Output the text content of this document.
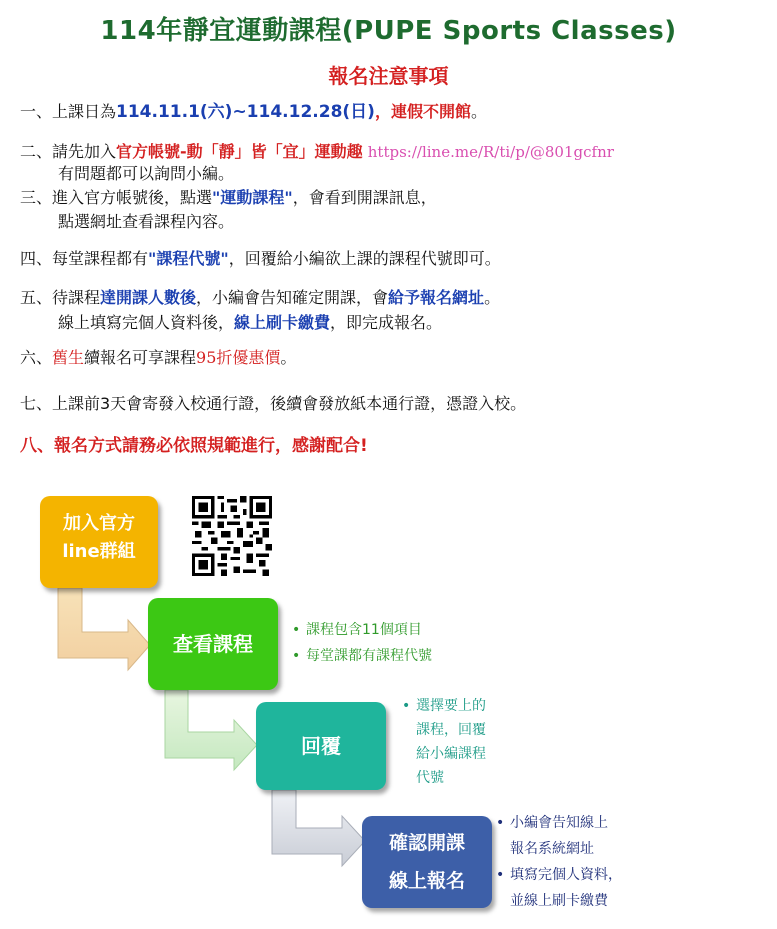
114年靜宜運動課程(PUPE Sports Classes)
報名注意事項
一、上課日為114.11.1(六)~114.12.28(日)，連假不開館。
二、請先加入官方帳號-動「靜」皆「宜」運動趣 https://line.me/R/ti/p/@801gcfnr
有問題都可以詢問小編。
三、進入官方帳號後，點選"運動課程"，會看到開課訊息，
點選網址查看課程內容。
四、每堂課程都有"課程代號"，回覆給小編欲上課的課程代號即可。
五、待課程達開課人數後，小編會告知確定開課，會給予報名網址。
線上填寫完個人資料後，線上刷卡繳費，即完成報名。
六、舊生續報名可享課程95折優惠價。
七、上課前3天會寄發入校通行證，後續會發放紙本通行證，憑證入校。
八、報名方式請務必依照規範進行，感謝配合!
加入官方
line群組
查看課程
回覆
確認開課
線上報名
• 課程包含11個項目
• 每堂課都有課程代號
• 選擇要上的
課程，回覆
給小編課程
代號
• 小編會告知線上
報名系統網址
• 填寫完個人資料，
並線上刷卡繳費
